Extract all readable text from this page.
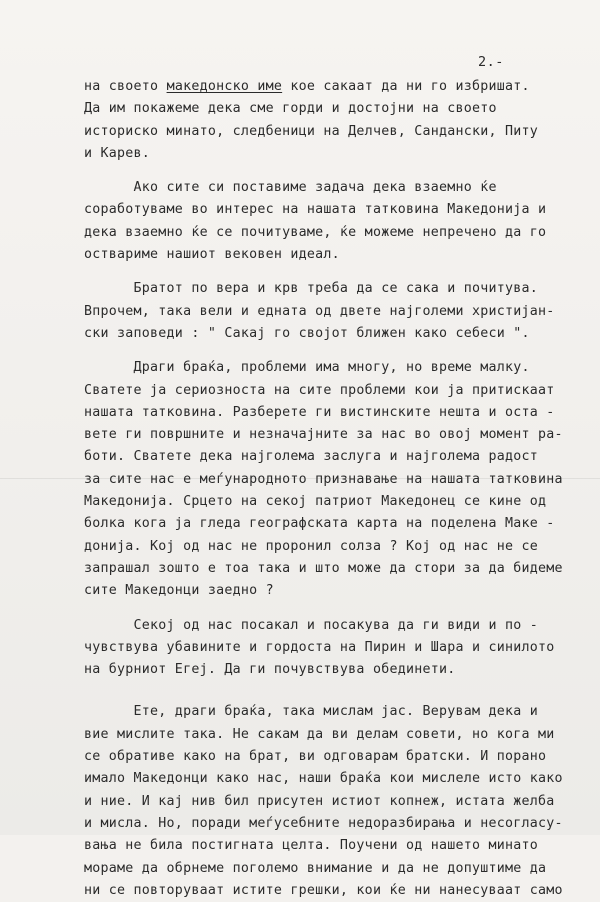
2.-
на своето македонско име кое сакаат да ни го избришат.
Да им покажеме дека сме горди и достојни на своето
историско минато, следбеници на Делчев, Сандански, Питу
и Карев.
Ако сите си поставиме задача дека взаемно ќе
соработуваме во интерес на нашата татковина Македонија и
дека взаемно ќе се почитуваме, ќе можеме непречено да го
оствариме нашиот вековен идеал.
Братот по вера и крв треба да се сака и почитува.
Впрочем, така вели и едната од двете најголеми христијан-
ски заповеди : " Сакај го својот ближен како себеси ".
Драги браќа, проблеми има многу, но време малку.
Сватете ја сериозноста на сите проблеми кои ја притискаат
нашата татковина. Разберете ги вистинските нешта и оста -
вете ги површните и незначајните за нас во овој момент ра-
боти. Сватете дека најголема заслуга и најголема радост
за сите нас е меѓународното признавање на нашата татковина
Македонија. Срцето на секој патриот Македонец се кине од
болка кога ја гледа географската карта на поделена Маке -
донија. Кој од нас не проронил солза ? Кој од нас не се
запрашал зошто е тоа така и што може да стори за да бидеме
сите Македонци заедно ?
Секој од нас посакал и посакува да ги види и по -
чувствува убавините и гордоста на Пирин и Шара и синилото
на бурниот Егеј. Да ги почувствува обединети.
Ете, драги браќа, така мислам јас. Верувам дека и
вие мислите така. Не сакам да ви делам совети, но кога ми
се обративе како на брат, ви одговарам братски. И порано
имало Македонци како нас, наши браќа кои мислеле исто како
и ние. И кај нив бил присутен истиот копнеж, истата желба
и мисла. Но, поради меѓусебните недоразбирања и несогласу-
вања не била постигната целта. Поучени од нашето минато
мораме да обрнеме поголемо внимание и да не допуштиме да
ни се повторуваат истите грешки, кои ќе ни нанесуваат само
